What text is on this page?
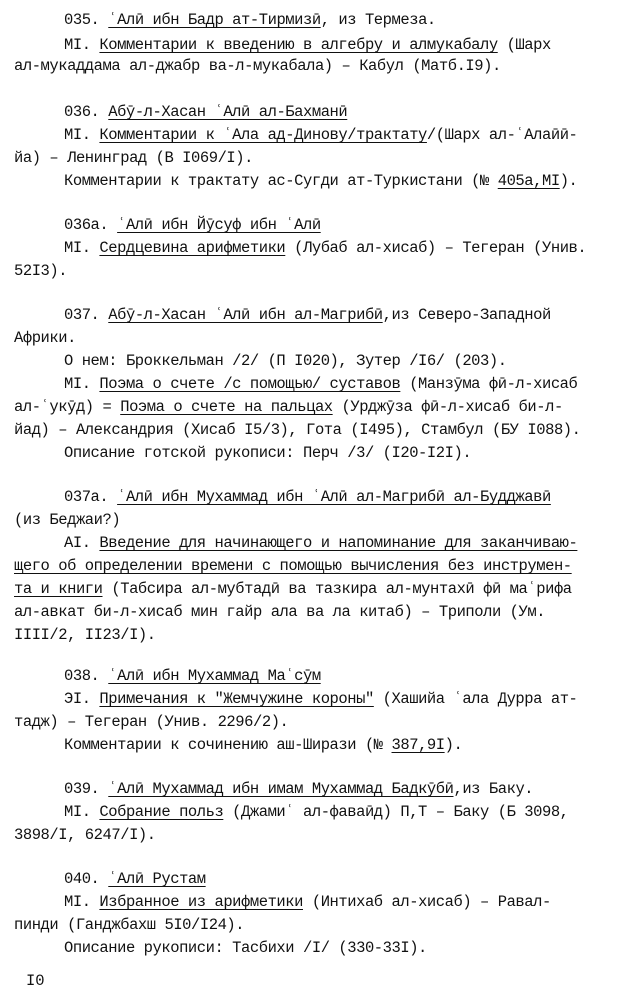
035. ʿАлӣ ибн Бадр ат-Тирмизӣ, из Термеза.
MI. Комментарии к введению в алгебру и алмукабалу (Шарх
ал-мукаддама ал-джабр ва-л-мукабала) – Кабул (Матб.I9).
036. Абӯ-л-Хасан ʿАлӣ ал-Бахманӣ
MI. Комментарии к ʿАла ад-Динову/трактату/(Шарх ал-ʿАлаӣӣ-
йа) – Ленинград (В I069/I).
Комментарии к трактату ас-Сугди ат-Туркистани (№ 405а,MI).
036а. ʿАлӣ ибн Йӯсуф ибн ʿАлӣ
MI. Сердцевина арифметики (Лубаб ал-хисаб) – Тегеран (Унив.
52I3).
037. Абӯ-л-Хасан ʿАлӣ ибн ал-Магрибӣ,из Северо-Западной
Африки.
О нем: Броккельман /2/ (П I020), Зутер /I6/ (203).
MI. Поэма о счете /с помощью/ суставов (Манзӯма фӣ-л-хисаб
ал-ʿукӯд) = Поэма о счете на пальцах (Урджӯза фӣ-л-хисаб би-л-
йад) – Александрия (Хисаб I5/3), Гота (I495), Стамбул (БУ I088).
Описание готской рукописи: Перч /3/ (I20-I2I).
037а. ʿАлӣ ибн Мухаммад ибн ʿАлӣ ал-Магрибӣ ал-Будджавӣ
(из Беджаи?)
AI. Введение для начинающего и напоминание для заканчиваю-
щего об определении времени с помощью вычисления без инструмен-
та и книги (Табсира ал-мубтадӣ ва тазкира ал-мунтахӣ фӣ маʿрифа
ал-авкат би-л-хисаб мин гайр ала ва ла китаб) – Триполи (Ум.
IIII/2, II23/I).
038. ʿАлӣ ибн Мухаммад Маʿсӯм
ЭI. Примечания к "Жемчужине короны" (Хашийа ʿала Дурра ат-
тадж) – Тегеран (Унив. 2296/2).
Комментарии к сочинению аш-Ширази (№ 387,9I).
039. ʿАлӣ Мухаммад ибн имам Мухаммад Бадкӯбӣ,из Баку.
MI. Собрание польз (Джамиʿ ал-фаваӣд) П,Т – Баку (Б 3098,
3898/I, 6247/I).
040. ʿАлӣ Рустам
MI. Избранное из арифметики (Интихаб ал-хисаб) – Равал-
пинди (Ганджбахш 5I0/I24).
Описание рукописи: Тасбихи /I/ (330-33I).
I0
